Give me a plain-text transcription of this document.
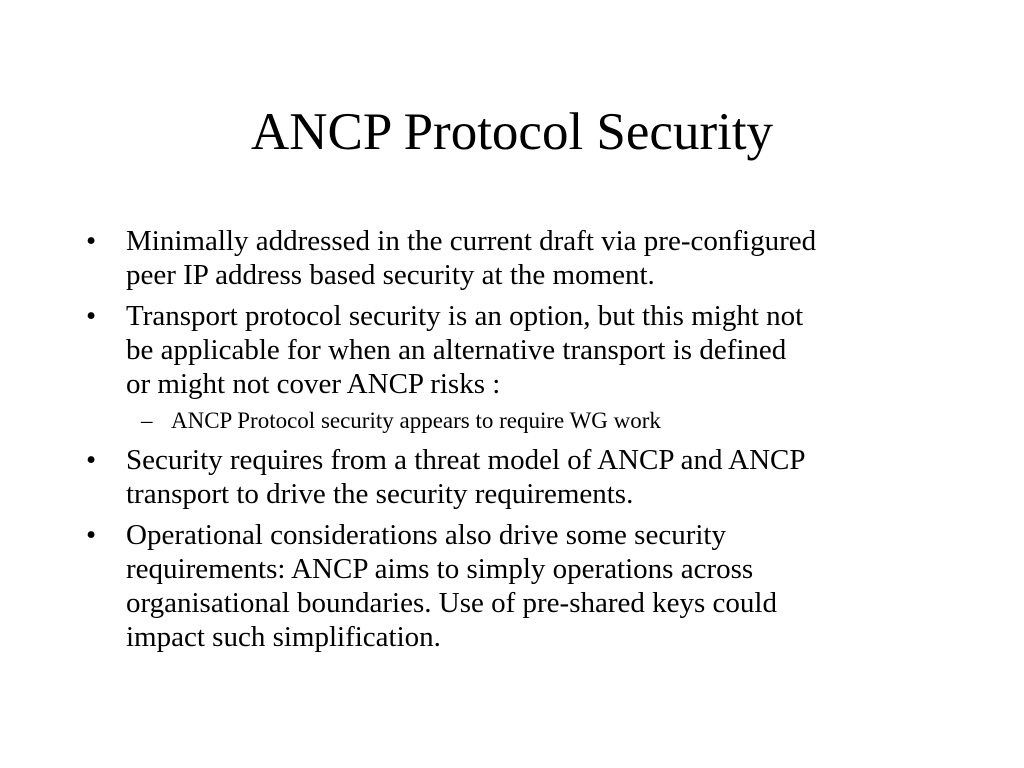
ANCP Protocol Security
• Minimally addressed in the current draft via pre-configured
peer IP address based security at the moment.
• Transport protocol security is an option, but this might not
be applicable for when an alternative transport is defined
or might not cover ANCP risks :
– ANCP Protocol security appears to require WG work
• Security requires from a threat model of ANCP and ANCP
transport to drive the security requirements.
• Operational considerations also drive some security
requirements: ANCP aims to simply operations across
organisational boundaries. Use of pre-shared keys could
impact such simplification.
